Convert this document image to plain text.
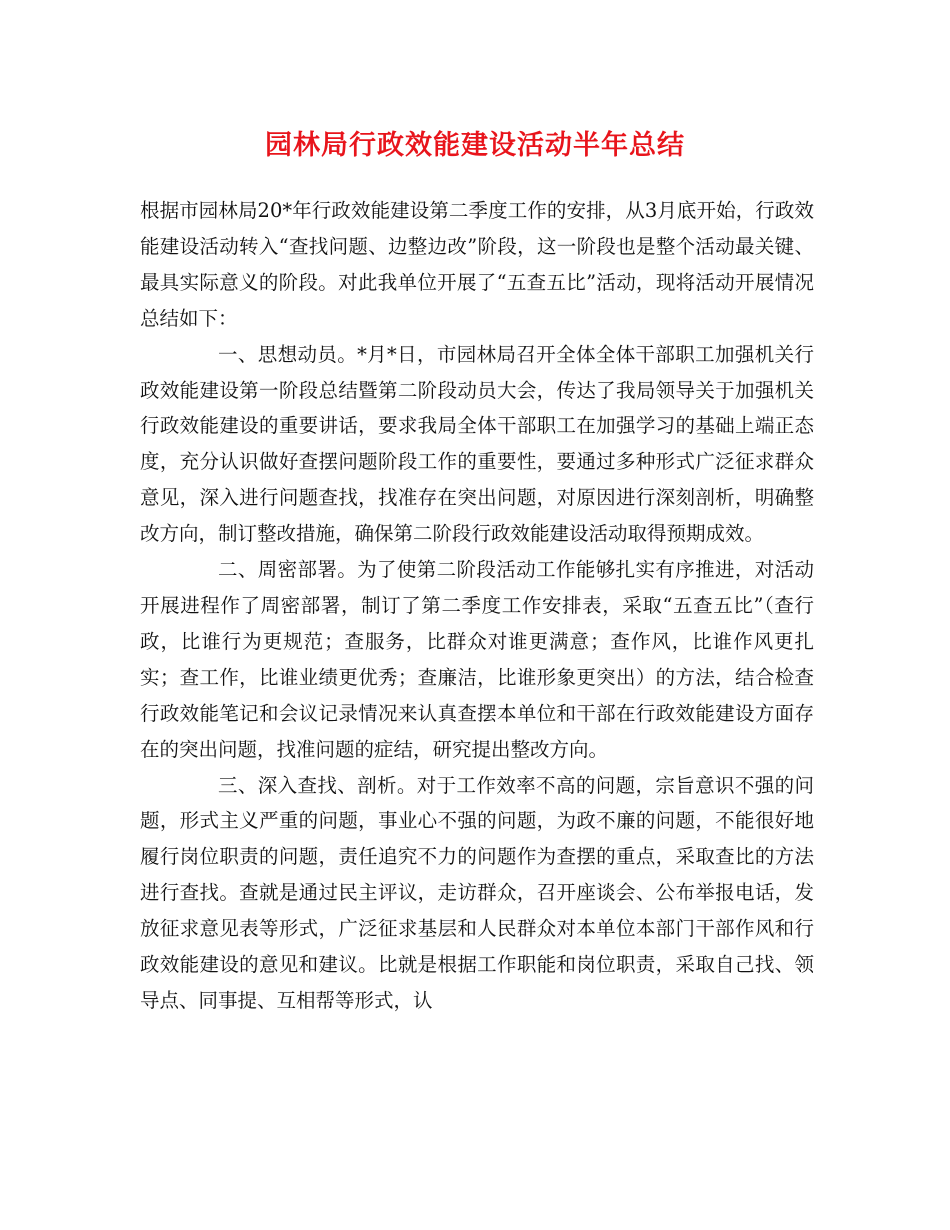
园林局行政效能建设活动半年总结

根据市园林局20*年行政效能建设第二季度工作的安排，从3月底开始，行政效能建设活动转入“查找问题、边整边改”阶段，这一阶段也是整个活动最关键、最具实际意义的阶段。对此我单位开展了“五查五比”活动，现将活动开展情况总结如下：

一、思想动员。*月*日，市园林局召开全体全体干部职工加强机关行政效能建设第一阶段总结暨第二阶段动员大会，传达了我局领导关于加强机关行政效能建设的重要讲话，要求我局全体干部职工在加强学习的基础上端正态度，充分认识做好查摆问题阶段工作的重要性，要通过多种形式广泛征求群众意见，深入进行问题查找，找准存在突出问题，对原因进行深刻剖析，明确整改方向，制订整改措施，确保第二阶段行政效能建设活动取得预期成效。

二、周密部署。为了使第二阶段活动工作能够扎实有序推进，对活动开展进程作了周密部署，制订了第二季度工作安排表，采取“五查五比”（查行政，比谁行为更规范；查服务，比群众对谁更满意；查作风，比谁作风更扎实；查工作，比谁业绩更优秀；查廉洁，比谁形象更突出）的方法，结合检查行政效能笔记和会议记录情况来认真查摆本单位和干部在行政效能建设方面存在的突出问题，找准问题的症结，研究提出整改方向。

三、深入查找、剖析。对于工作效率不高的问题，宗旨意识不强的问题，形式主义严重的问题，事业心不强的问题，为政不廉的问题，不能很好地履行岗位职责的问题，责任追究不力的问题作为查摆的重点，采取查比的方法进行查找。查就是通过民主评议，走访群众，召开座谈会、公布举报电话，发放征求意见表等形式，广泛征求基层和人民群众对本单位本部门干部作风和行政效能建设的意见和建议。比就是根据工作职能和岗位职责，采取自己找、领导点、同事提、互相帮等形式，认
